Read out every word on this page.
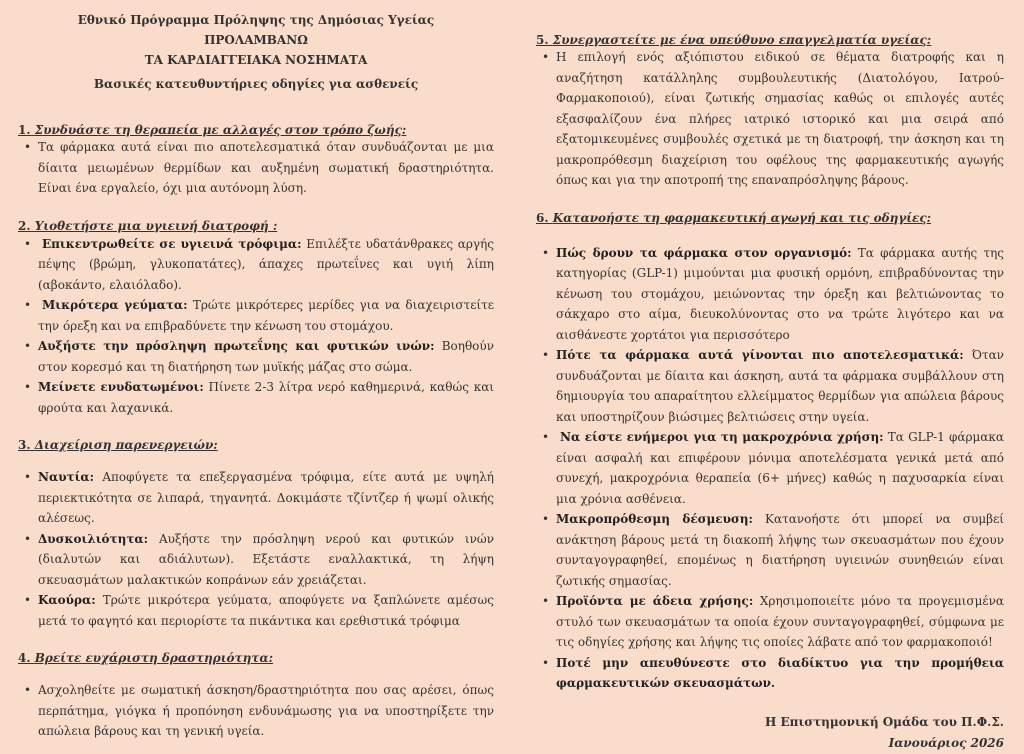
Εθνικό Πρόγραμμα Πρόληψης της Δημόσιας Υγείας
ΠΡΟΛΑΜΒΑΝΩ
ΤΑ ΚΑΡΔΙΑΓΓΕΙΑΚΑ ΝΟΣΗΜΑΤΑ
Βασικές κατευθυντήριες οδηγίες για ασθενείς

1. Συνδυάστε τη θεραπεία με αλλαγές στον τρόπο ζωής:

• Τα φάρμακα αυτά είναι πιο αποτελεσματικά όταν συνδυάζονται με μια δίαιτα μειωμένων θερμίδων και αυξημένη σωματική δραστηριότητα. Είναι ένα εργαλείο, όχι μια αυτόνομη λύση.

2. Υιοθετήστε μια υγιεινή διατροφή :

• Επικεντρωθείτε σε υγιεινά τρόφιμα: Επιλέξτε υδατάνθρακες αργής πέψης (βρώμη, γλυκοπατάτες), άπαχες πρωτεΐνες και υγιή λίπη (αβοκάντο, ελαιόλαδο).
• Μικρότερα γεύματα: Τρώτε μικρότερες μερίδες για να διαχειριστείτε την όρεξη και να επιβραδύνετε την κένωση του στομάχου.
• Αυξήστε την πρόσληψη πρωτεΐνης και φυτικών ινών: Βοηθούν στον κορεσμό και τη διατήρηση των μυϊκής μάζας στο σώμα.
• Μείνετε ενυδατωμένοι: Πίνετε 2-3 λίτρα νερό καθημερινά, καθώς και φρούτα και λαχανικά.

3. Διαχείριση παρενεργειών:

• Ναυτία: Αποφύγετε τα επεξεργασμένα τρόφιμα, είτε αυτά με υψηλή περιεκτικότητα σε λιπαρά, τηγανητά. Δοκιμάστε τζίντζερ ή ψωμί ολικής αλέσεως.
• Δυσκοιλιότητα: Αυξήστε την πρόσληψη νερού και φυτικών ινών (διαλυτών και αδιάλυτων). Εξετάστε εναλλακτικά, τη λήψη σκευασμάτων μαλακτικών κοπράνων εάν χρειάζεται.
• Καούρα: Τρώτε μικρότερα γεύματα, αποφύγετε να ξαπλώνετε αμέσως μετά το φαγητό και περιορίστε τα πικάντικα και ερεθιστικά τρόφιμα

4. Βρείτε ευχάριστη δραστηριότητα:

• Ασχοληθείτε με σωματική άσκηση/δραστηριότητα που σας αρέσει, όπως περπάτημα, γιόγκα ή προπόνηση ενδυνάμωσης για να υποστηρίξετε την απώλεια βάρους και τη γενική υγεία.

5. Συνεργαστείτε με ένα υπεύθυνο επαγγελματία υγείας:

• Η επιλογή ενός αξιόπιστου ειδικού σε θέματα διατροφής και η αναζήτηση κατάλληλης συμβουλευτικής (Διατολόγου, Ιατρού-Φαρμακοποιού), είναι ζωτικής σημασίας καθώς οι επιλογές αυτές εξασφαλίζουν ένα πλήρες ιατρικό ιστορικό και μια σειρά από εξατομικευμένες συμβουλές σχετικά με τη διατροφή, την άσκηση και τη μακροπρόθεσμη διαχείριση του οφέλους της φαρμακευτικής αγωγής όπως και για την αποτροπή της επαναπρόσληψης βάρους.

6. Κατανοήστε τη φαρμακευτική αγωγή και τις οδηγίες:

• Πώς δρουν τα φάρμακα στον οργανισμό: Τα φάρμακα αυτής της κατηγορίας (GLP-1) μιμούνται μια φυσική ορμόνη, επιβραδύνοντας την κένωση του στομάχου, μειώνοντας την όρεξη και βελτιώνοντας το σάκχαρο στο αίμα, διευκολύνοντας στο να τρώτε λιγότερο και να αισθάνεστε χορτάτοι για περισσότερο
• Πότε τα φάρμακα αυτά γίνονται πιο αποτελεσματικά: Όταν συνδυάζονται με δίαιτα και άσκηση, αυτά τα φάρμακα συμβάλλουν στη δημιουργία του απαραίτητου ελλείμματος θερμίδων για απώλεια βάρους και υποστηρίζουν βιώσιμες βελτιώσεις στην υγεία.
• Να είστε ενήμεροι για τη μακροχρόνια χρήση: Τα GLP-1 φάρμακα είναι ασφαλή και επιφέρουν μόνιμα αποτελέσματα γενικά μετά από συνεχή, μακροχρόνια θεραπεία (6+ μήνες) καθώς η παχυσαρκία είναι μια χρόνια ασθένεια.
• Μακροπρόθεσμη δέσμευση: Κατανοήστε ότι μπορεί να συμβεί ανάκτηση βάρους μετά τη διακοπή λήψης των σκευασμάτων που έχουν συνταγογραφηθεί, επομένως η διατήρηση υγιεινών συνηθειών είναι ζωτικής σημασίας.
• Προϊόντα με άδεια χρήσης: Χρησιμοποιείτε μόνο τα προγεμισμένα στυλό των σκευασμάτων τα οποία έχουν συνταγογραφηθεί, σύμφωνα με τις οδηγίες χρήσης και λήψης τις οποίες λάβατε από τον φαρμακοποιό!
• Ποτέ μην απευθύνεστε στο διαδίκτυο για την προμήθεια φαρμακευτικών σκευασμάτων.
Η Επιστημονική Ομάδα του Π.Φ.Σ.
Ιανουάριος 2026
